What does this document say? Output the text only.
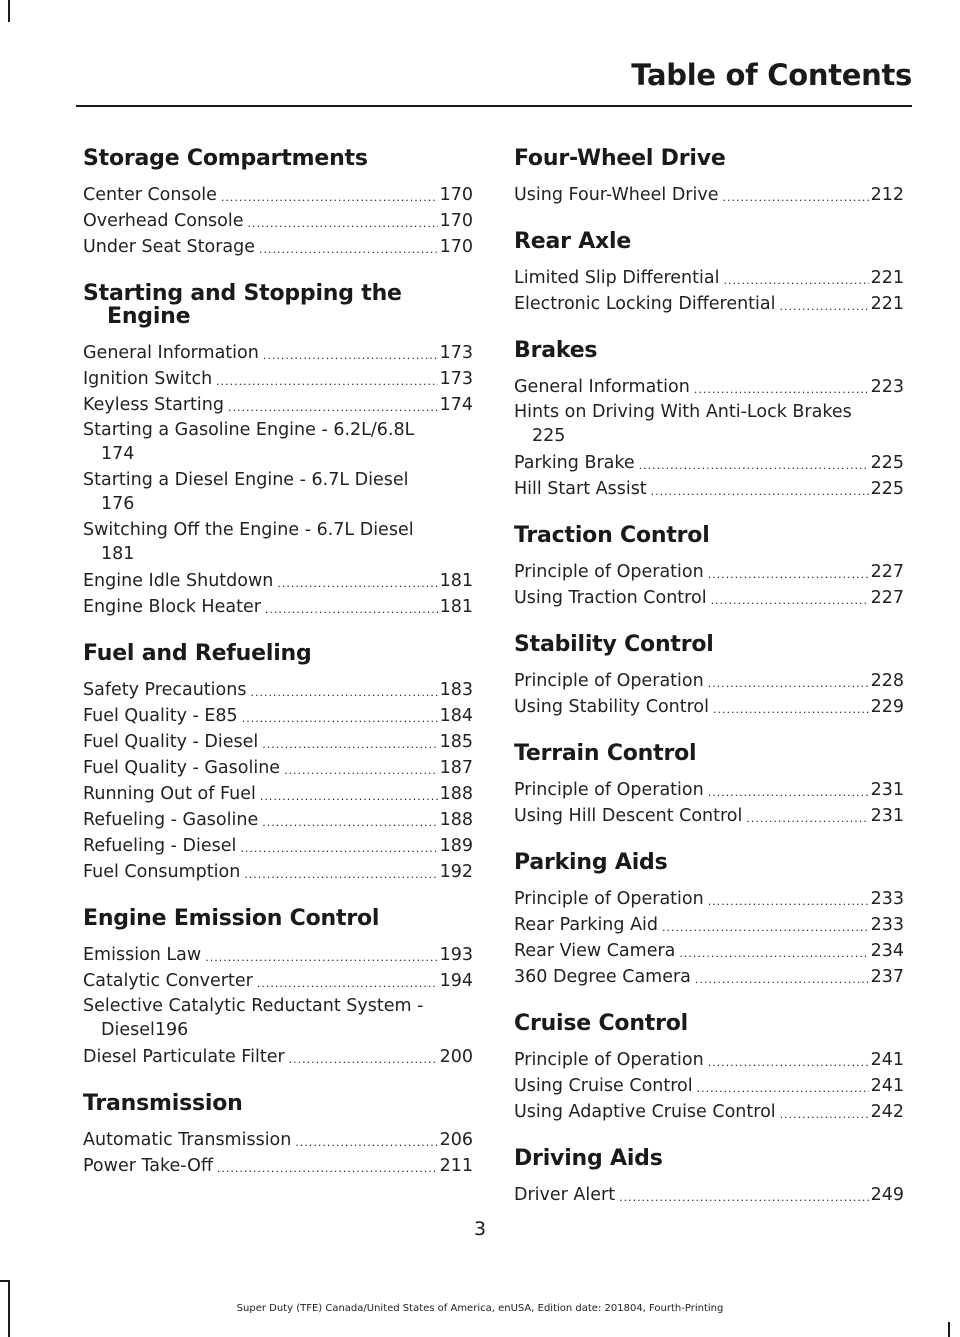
Table of Contents
Storage Compartments
Center Console .....	170
Overhead Console .....	170
Under Seat Storage .....	170
Starting and Stopping the Engine
General Information .....	173
Ignition Switch .....	173
Keyless Starting .....	174
Starting a Gasoline Engine - 6.2L/6.8L
174
Starting a Diesel Engine - 6.7L Diesel
176
Switching Off the Engine - 6.7L Diesel
181
Engine Idle Shutdown .....	181
Engine Block Heater .....	181
Fuel and Refueling
Safety Precautions .....	183
Fuel Quality - E85 .....	184
Fuel Quality - Diesel .....	185
Fuel Quality - Gasoline .....	187
Running Out of Fuel .....	188
Refueling - Gasoline .....	188
Refueling - Diesel .....	189
Fuel Consumption .....	192
Engine Emission Control
Emission Law .....	193
Catalytic Converter .....	194
Selective Catalytic Reductant System -
Diesel 196
Diesel Particulate Filter .....	200
Transmission
Automatic Transmission .....	206
Power Take-Off .....	211
Four-Wheel Drive
Using Four-Wheel Drive .....	212
Rear Axle
Limited Slip Differential .....	221
Electronic Locking Differential .....	221
Brakes
General Information .....	223
Hints on Driving With Anti-Lock Brakes
225
Parking Brake .....	225
Hill Start Assist .....	225
Traction Control
Principle of Operation .....	227
Using Traction Control .....	227
Stability Control
Principle of Operation .....	228
Using Stability Control .....	229
Terrain Control
Principle of Operation .....	231
Using Hill Descent Control .....	231
Parking Aids
Principle of Operation .....	233
Rear Parking Aid .....	233
Rear View Camera .....	234
360 Degree Camera .....	237
Cruise Control
Principle of Operation .....	241
Using Cruise Control .....	241
Using Adaptive Cruise Control .....	242
Driving Aids
Driver Alert .....	249
3
Super Duty (TFE) Canada/United States of America, enUSA, Edition date: 201804, Fourth-Printing
